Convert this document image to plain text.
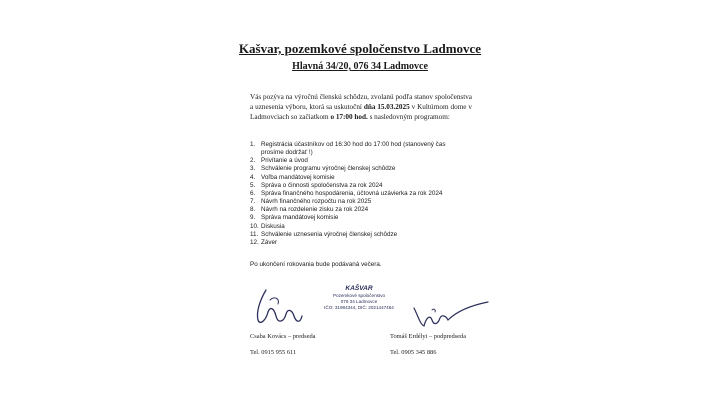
Kašvar, pozemkové spoločenstvo Ladmovce
Hlavná 34/20, 076 34 Ladmovce
Vás pozýva na výročnú členskú schôdzu, zvolanú podľa stanov spoločenstva a uznesenia výboru, ktorá sa uskutoční dňa 15.03.2025 v Kultúrnom dome v Ladmovciach so začiatkom o 17:00 hod. s nasledovným programom:
1. Registrácia účastníkov od 16:30 hod do 17:00 hod (stanovený čas
prosíme dodržať !)
2. Privítanie a úvod
3. Schválenie programu výročnej členskej schôdze
4. Voľba mandátovej komisie
5. Správa o činnosti spoločenstva za rok 2024
6. Správa finančného hospodárenia, účtovná uzávierka za rok 2024
7. Návrh finančného rozpočtu na rok 2025
8. Návrh na rozdelenie zisku za rok 2024
9. Správa mandátovej komisie
10. Diskusia
11. Schválenie uznesenia výročnej členskej schôdze
12. Záver
Po ukončení rokovania bude podávaná večera.
KAŠVAR
Pozemkové spoločenstvo
076 34 Ladmovce
IČO: 31984344, DIČ: 2021447464
Csaba Kovács – predseda
Tel. 0915 955 611
Tomáš Erdélyi – podpredseda
Tel. 0905 345 886
